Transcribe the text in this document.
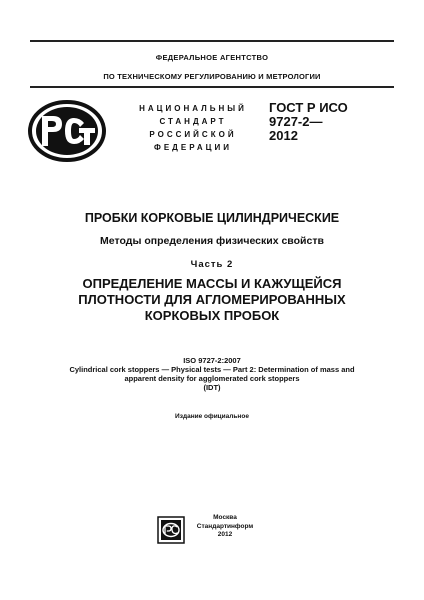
ФЕДЕРАЛЬНОЕ АГЕНТСТВО
ПО ТЕХНИЧЕСКОМУ РЕГУЛИРОВАНИЮ И МЕТРОЛОГИИ
НАЦИОНАЛЬНЫЙ
СТАНДАРТ
РОССИЙСКОЙ
ФЕДЕРАЦИИ
ГОСТ Р ИСО
9727-2—
2012
ПРОБКИ КОРКОВЫЕ ЦИЛИНДРИЧЕСКИЕ
Методы определения физических свойств
Часть 2
ОПРЕДЕЛЕНИЕ МАССЫ И КАЖУЩЕЙСЯ
ПЛОТНОСТИ ДЛЯ АГЛОМЕРИРОВАННЫХ
КОРКОВЫХ ПРОБОК
ISO 9727-2:2007
Cylindrical cork stoppers — Physical tests — Part 2: Determination of mass and
apparent density for agglomerated cork stoppers
(IDT)
Издание официальное
Москва
Стандартинформ
2012
